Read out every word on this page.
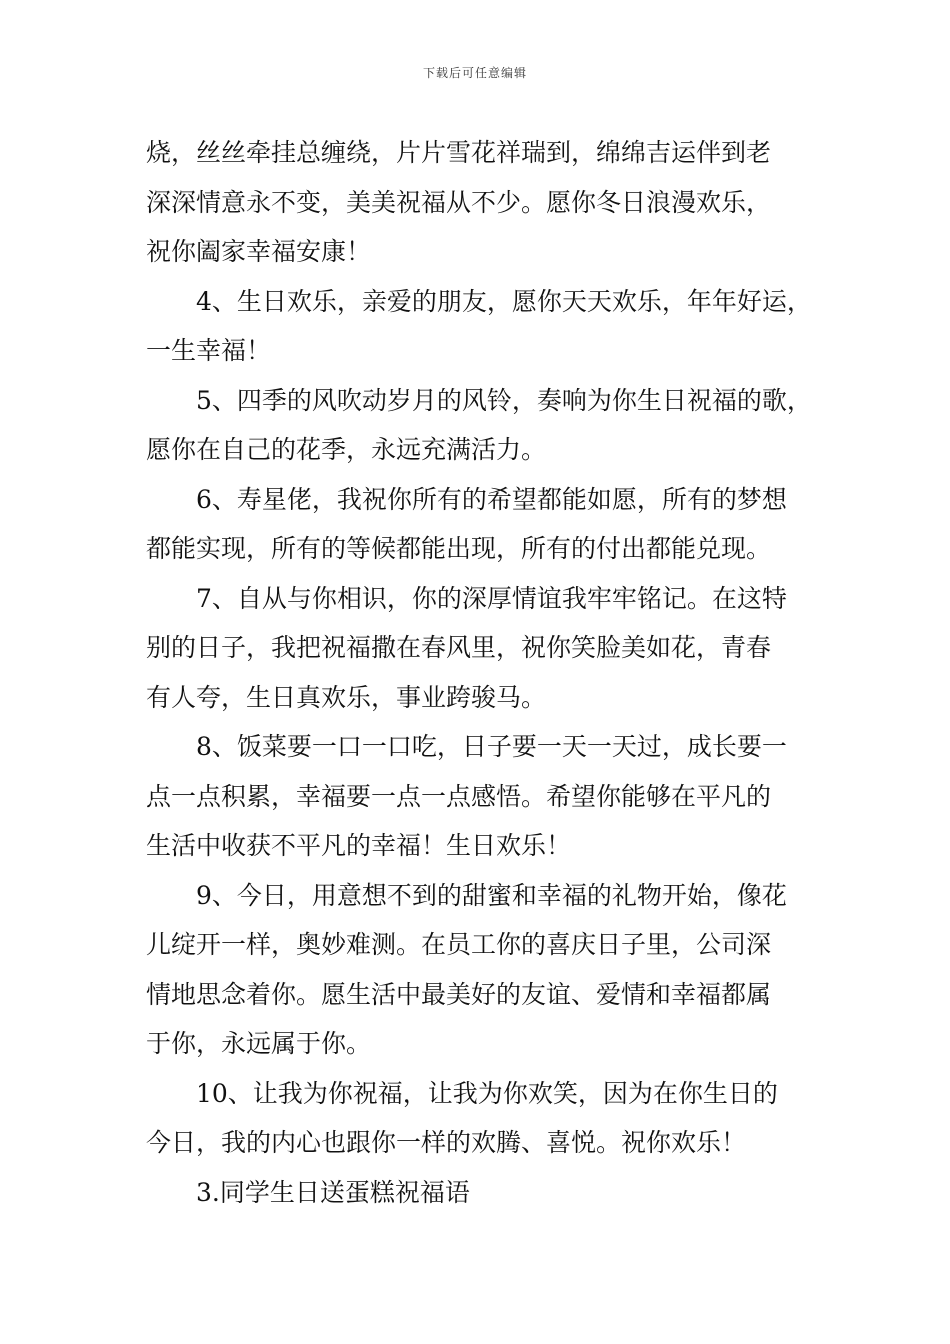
下载后可任意编辑
烧，丝丝牵挂总缠绕，片片雪花祥瑞到，绵绵吉运伴到老
深深情意永不变，美美祝福从不少。愿你冬日浪漫欢乐，
祝你阖家幸福安康！
4、生日欢乐，亲爱的朋友，愿你天天欢乐，年年好运，
一生幸福！
5、四季的风吹动岁月的风铃，奏响为你生日祝福的歌，
愿你在自己的花季，永远充满活力。
6、寿星佬，我祝你所有的希望都能如愿，所有的梦想
都能实现，所有的等候都能出现，所有的付出都能兑现。
7、自从与你相识，你的深厚情谊我牢牢铭记。在这特
别的日子，我把祝福撒在春风里，祝你笑脸美如花，青春
有人夸，生日真欢乐，事业跨骏马。
8、饭菜要一口一口吃，日子要一天一天过，成长要一
点一点积累，幸福要一点一点感悟。希望你能够在平凡的
生活中收获不平凡的幸福！生日欢乐！
9、今日，用意想不到的甜蜜和幸福的礼物开始，像花
儿绽开一样，奥妙难测。在员工你的喜庆日子里，公司深
情地思念着你。愿生活中最美好的友谊、爱情和幸福都属
于你，永远属于你。
10、让我为你祝福，让我为你欢笑，因为在你生日的
今日，我的内心也跟你一样的欢腾、喜悦。祝你欢乐！
3.同学生日送蛋糕祝福语
